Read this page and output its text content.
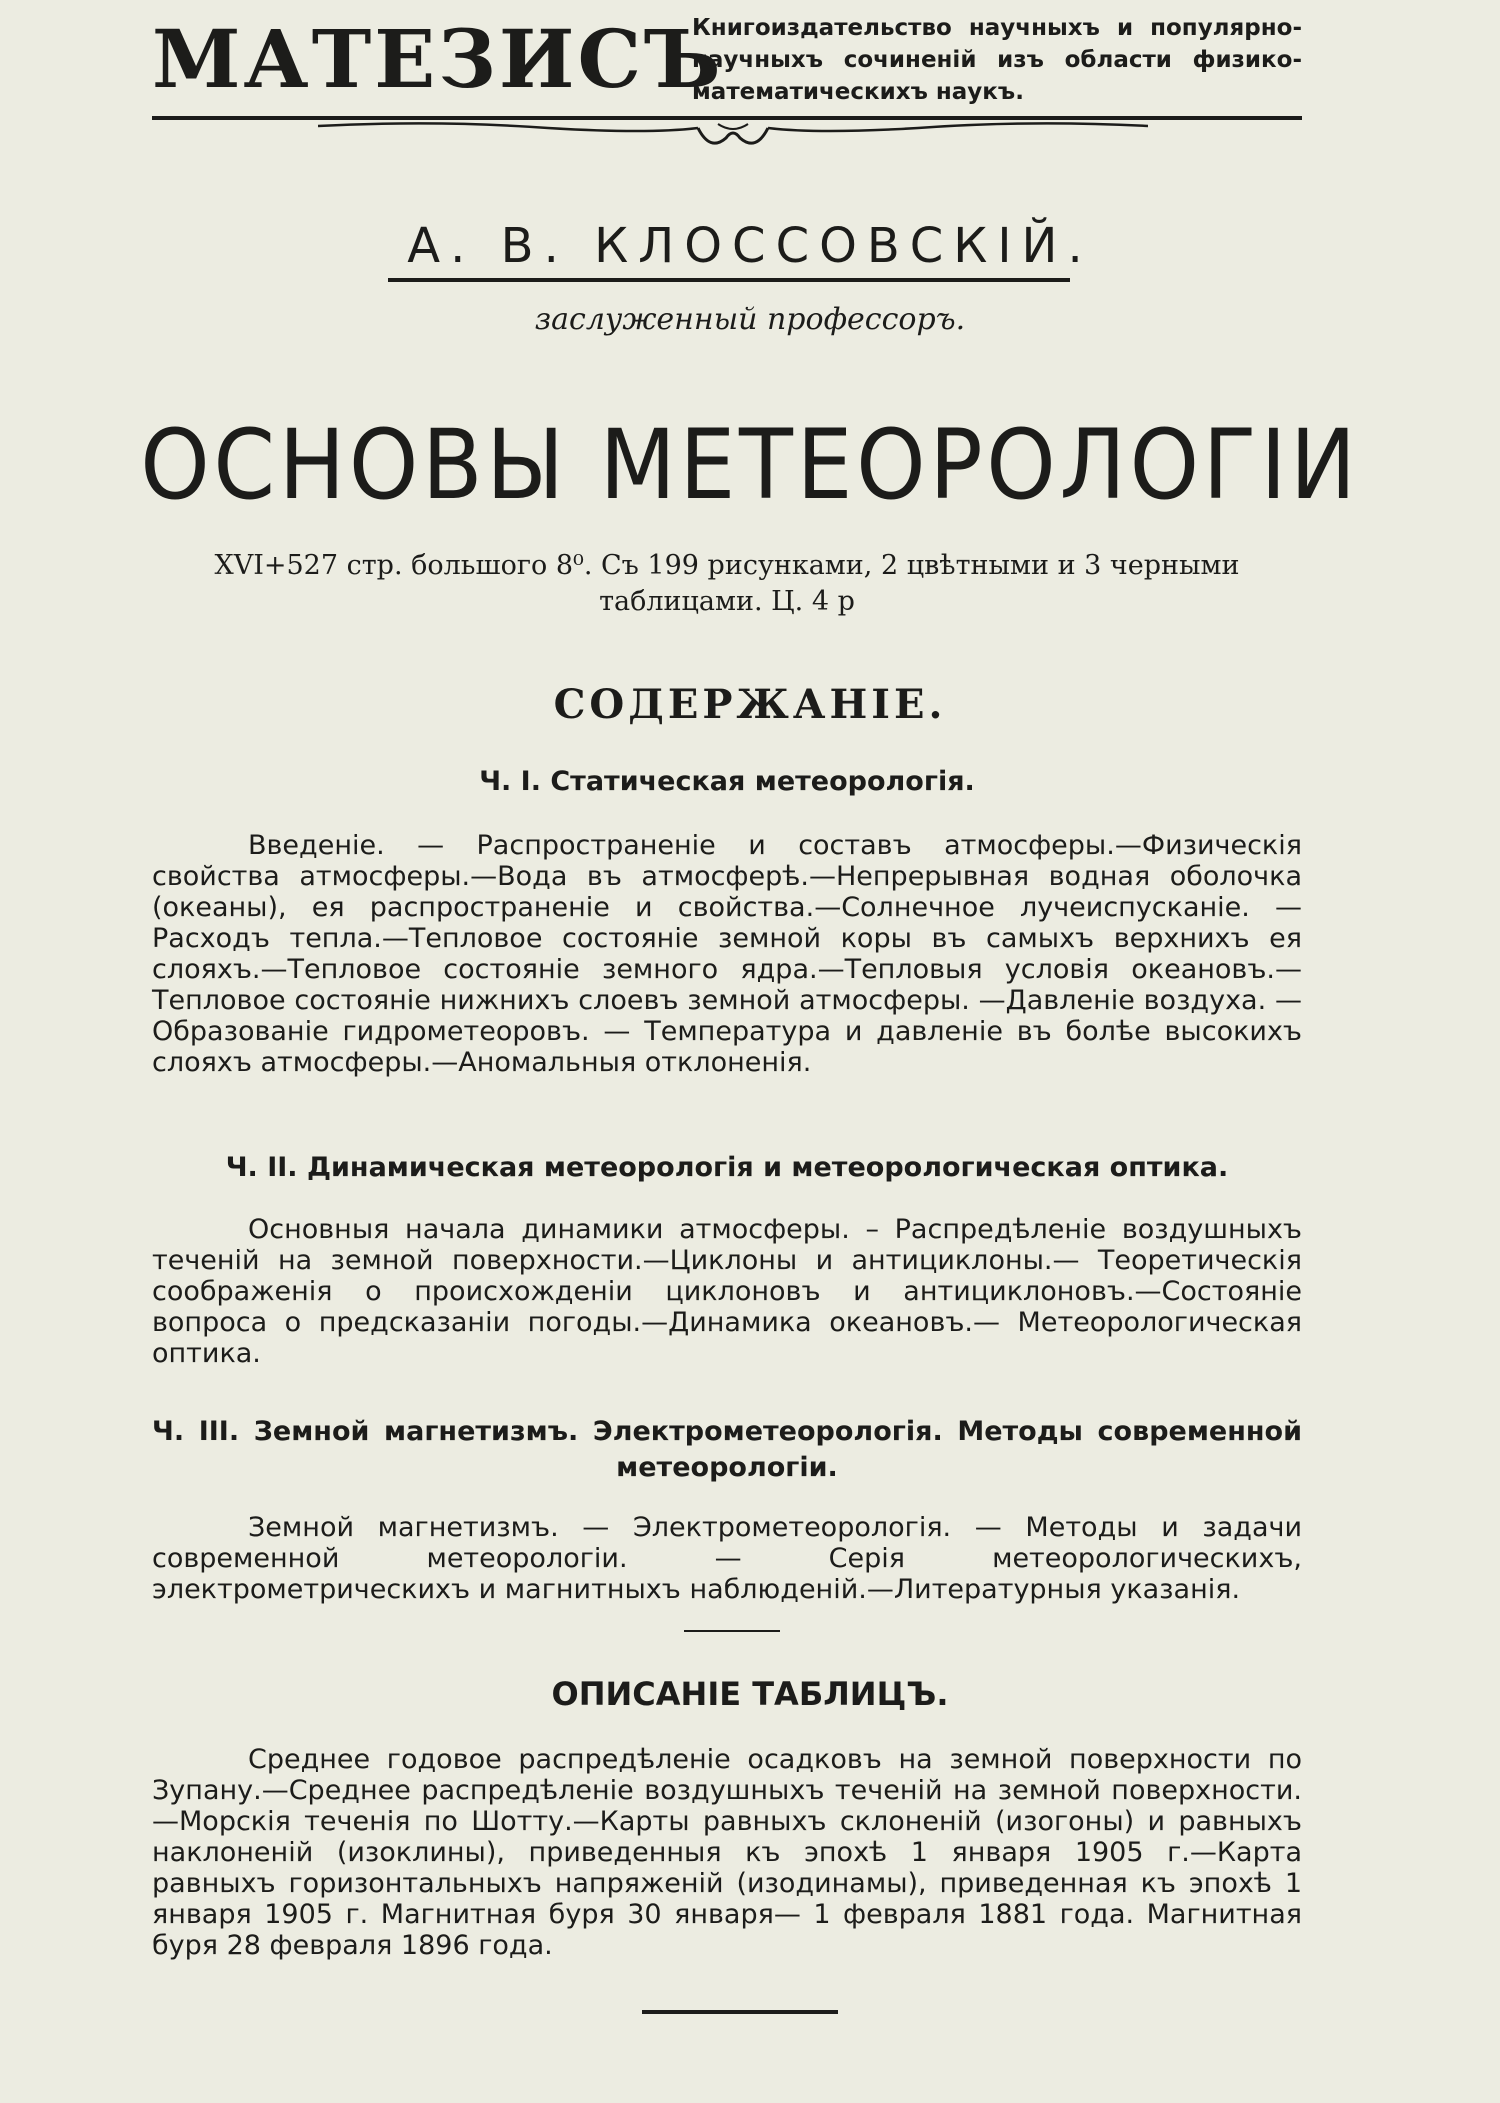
МАТЕЗИСЪ
Книгоиздательство научныхъ и популярно-научныхъ сочиненій изъ области физико-математическихъ наукъ.
А. В. КЛОССОВСКІЙ.
заслуженный профессоръ.
ОСНОВЫ МЕТЕОРОЛОГІИ
XVI+527 стр. большого 8⁰. Съ 199 рисунками, 2 цвѣтными и 3 черными таблицами. Ц. 4 р
СОДЕРЖАНІЕ.
Ч. I. Статическая метеорологія.
Введеніе. — Распространеніе и составъ атмосферы.—Физическія свойства атмосферы.—Вода въ атмосферѣ.—Непрерывная водная оболочка (океаны), ея распространеніе и свойства.—Солнечное лучеиспусканіе. — Расходъ тепла.—Тепловое состояніе земной коры въ самыхъ верхнихъ ея слояхъ.—Тепловое состояніе земного ядра.—Тепловыя условія океановъ.—Тепловое состояніе нижнихъ слоевъ земной атмосферы. —Давленіе воздуха. — Образованіе гидрометеоровъ. — Температура и давленіе въ болѣе высокихъ слояхъ атмосферы.—Аномальныя отклоненія.
Ч. II. Динамическая метеорологія и метеорологическая оптика.
Основныя начала динамики атмосферы. – Распредѣленіе воздушныхъ теченій на земной поверхности.—Циклоны и антициклоны.— Теоретическія соображенія о происхожденіи циклоновъ и антициклоновъ.—Состояніе вопроса о предсказаніи погоды.—Динамика океановъ.— Метеорологическая оптика.
Ч. III. Земной магнетизмъ. Электрометеорологія. Методы современной метеорологіи.
Земной магнетизмъ. — Электрометеорологія. — Методы и задачи современной метеорологіи. — Серія метеорологическихъ, электрометрическихъ и магнитныхъ наблюденій.—Литературныя указанія.
ОПИСАНІЕ ТАБЛИЦЪ.
Среднее годовое распредѣленіе осадковъ на земной поверхности по Зупану.—Среднее распредѣленіе воздушныхъ теченій на земной поверхности.—Морскія теченія по Шотту.—Карты равныхъ склоненій (изогоны) и равныхъ наклоненій (изоклины), приведенныя къ эпохѣ 1 января 1905 г.—Карта равныхъ горизонтальныхъ напряженій (изодинамы), приведенная къ эпохѣ 1 января 1905 г. Магнитная буря 30 января— 1 февраля 1881 года. Магнитная буря 28 февраля 1896 года.
